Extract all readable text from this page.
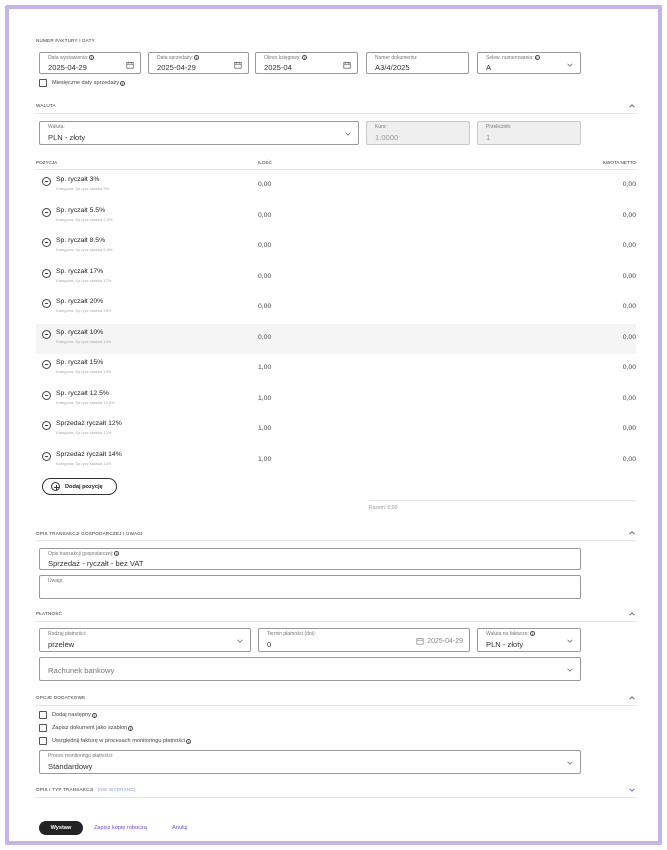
NUMER FAKTURY I DATY
Data wystawienia: i
2025-04-29
Data sprzedaży: i
2025-04-29
Okres księgowy: i
2025-04
Numer dokumentu:
A3/4/2025
Selew. numerowania: i
A
Miesięczne daty sprzedaży i
WALUTA
Waluta:
PLN - złoty
Kurs:
1.0000
Przelicznik:
1
POZYCJA	ILOŚĆ	KWOTA NETTO
Sp. ryczałt 3%
Kategoria: Sp.rycz stawka 3%
0,00	0,00
Sp. ryczałt 5.5%
Kategoria: Sp.rycz stawka 5,5%
0,00	0,00
Sp. ryczałt 8.5%
Kategoria: Sp.rycz stawka 8,5%
0,00	0,00
Sp. ryczałt 17%
Kategoria: Sp.rycz stawka 17%
0,00	0,00
Sp. ryczałt 20%
Kategoria: Sp.rycz stawka 20%
0,00	0,00
Sp. ryczałt 10%
Kategoria: Sp.rycz stawka 10%
0,00	0,00
Sp. ryczałt 15%
Kategoria: Sp.rycz stawka 15%
1,00	0,00
Sp. ryczałt 12.5%
Kategoria: Sp.rycz stawka 12,5%
1,00	0,00
Sprzedaż ryczałt 12%
Kategoria: Sp.rycz stawka 12%
1,00	0,00
Sprzedaż ryczałt 14%
Kategoria: Sp.rycz stawka 14%
1,00	0,00
Dodaj pozycję
Razem: 0,00
OPIS TRANSAKCJI GOSPODARCZEJ I UWAGI
Opis transakcji gospodarczej: i
Sprzedaż - ryczałt - bez VAT
Uwagi:
PŁATNOŚĆ
Rodzaj płatności:
przelew
Termin płatności (dni):
0	2025-04-29
Waluta na fakturze: i
PLN - złoty
Rachunek bankowy
OPCJE DODATKOWE
Dodaj następny i
Zapisz dokument jako szablon i
Uwzględnij fakturę w procesach monitoringu płatności i
Proces monitoringu płatności:
Standardowy
OPIS I TYP TRANSAKCJI (NIE WYBRANO)
Wystaw	Zapisz kopię roboczą	Anuluj
